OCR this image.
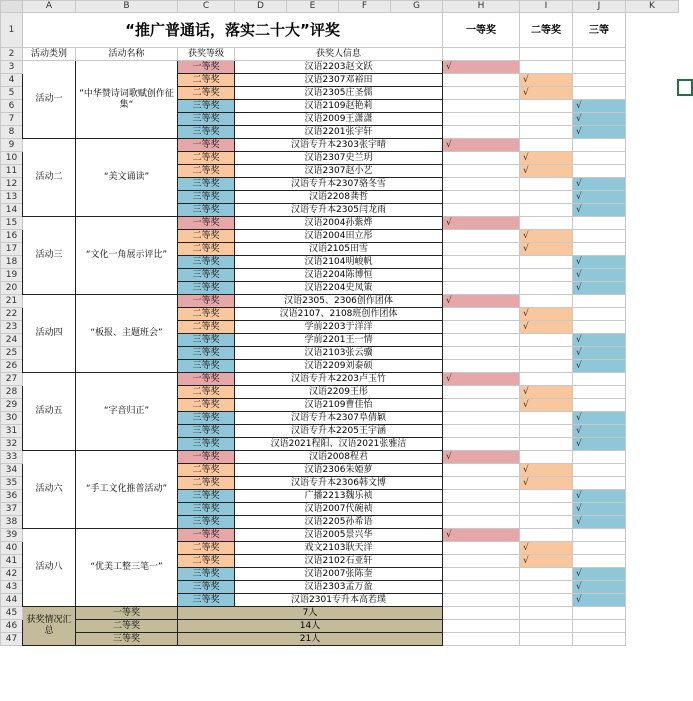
	A	B	C	D	E	F	G	H	I	J	K
1	“推广普通话，落实二十大”评奖							一等奖	二等奖	三等	
2	活动类别	活动名称	获奖等级	获奖人信息							
3	活动一	”中华赞诗词歌赋创作征集“	一等奖	汉语2203赵文跃				√			
4			二等奖	汉语2307邓裕田					√		
5			二等奖	汉语2305庄圣儒					√		
6			三等奖	汉语2109赵艳莉						√	
7			三等奖	汉语2009王潇潇						√	
8			三等奖	汉语2201张宇轩						√	
9	活动二	“美文诵读”	一等奖	汉语专升本2303张宇晴				√			
10			二等奖	汉语2307史兰玥					√		
11			二等奖	汉语2307赵小艺					√		
12			三等奖	汉语专升本2307骆冬雪						√	
13			三等奖	汉语2208龚哲						√	
14			三等奖	汉语专升本2305闫龙雨						√	
15	活动三	“文化一角展示评比”	一等奖	汉语2004孙紫烨				√			
16			二等奖	汉语2004田立彤					√		
17			二等奖	汉语2105田雪					√		
18			三等奖	汉语2104明峻帆						√	
19			三等奖	汉语2204陈博恒						√	
20			三等奖	汉语2204史凤策						√	
21	活动四	“板报、主题班会”	一等奖	汉语2305、2306创作团体				√			
22			二等奖	汉语2107、2108班创作团体					√		
23			二等奖	学前2203于洋洋					√		
24			三等奖	学前2201王一情						√	
25			三等奖	汉语2103张云骥						√	
26			三等奖	汉语2209刘泰硕						√	
27	活动五	“字音归正”	一等奖	汉语专升本2203卢玉竹				√			
28			二等奖	汉语2209王彤					√		
29			二等奖	汉语2109曹佳怡					√		
30			三等奖	汉语专升本2307阜倩颖						√	
31			三等奖	汉语专升本2205王宇涵						√	
32			三等奖	汉语2021程阳、汉语2021张雅洁						√	
33	活动六	“手工文化推普活动”	一等奖	汉语2008程君				√			
34			二等奖	汉语2306朱婭萝					√		
35			二等奖	汉语专升本2306韩文博					√		
36			三等奖	广播2213魏乐祯						√	
37			三等奖	汉语2007代碗祯						√	
38			三等奖	汉语2205孙希语						√	
39	活动八	“优美工整三笔一”	一等奖	汉语2005景兴华				√			
40			二等奖	戏文2103耿天洋					√		
41			二等奖	汉语2102石亚轩					√		
42			三等奖	汉语2007张陈奎						√	
43			三等奖	汉语2303孟万盈						√	
44			三等奖	汉语2301专升本高若璞						√	
45	获奖情况汇总	一等奖	7人								
46		二等奖	14人								
47		三等奖	21人								
